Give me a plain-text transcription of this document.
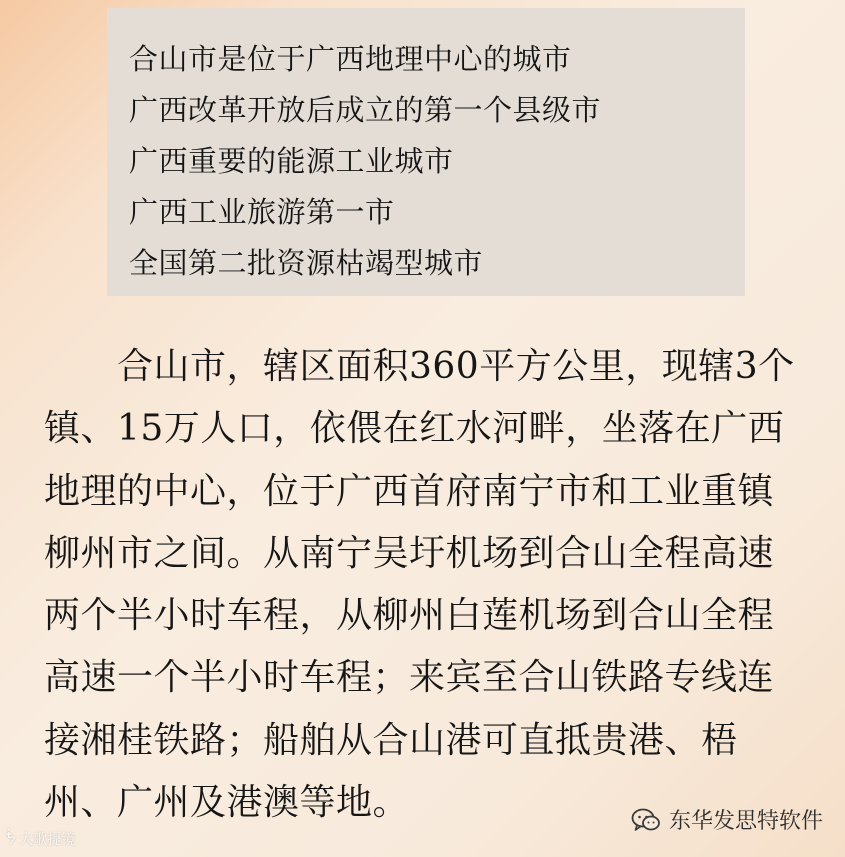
合山市是位于广西地理中心的城市
广西改革开放后成立的第一个县级市
广西重要的能源工业城市
广西工业旅游第一市
全国第二批资源枯竭型城市
　　合山市，辖区面积360平方公里，现辖3个
镇、15万人口，依偎在红水河畔，坐落在广西
地理的中心，位于广西首府南宁市和工业重镇
柳州市之间。从南宁吴圩机场到合山全程高速
两个半小时车程，从柳州白莲机场到合山全程
高速一个半小时车程；来宾至合山铁路专线连
接湘桂铁路；船舶从合山港可直抵贵港、梧
州、广州及港澳等地。
ᖭ 大歌提镜
东华发思特软件
